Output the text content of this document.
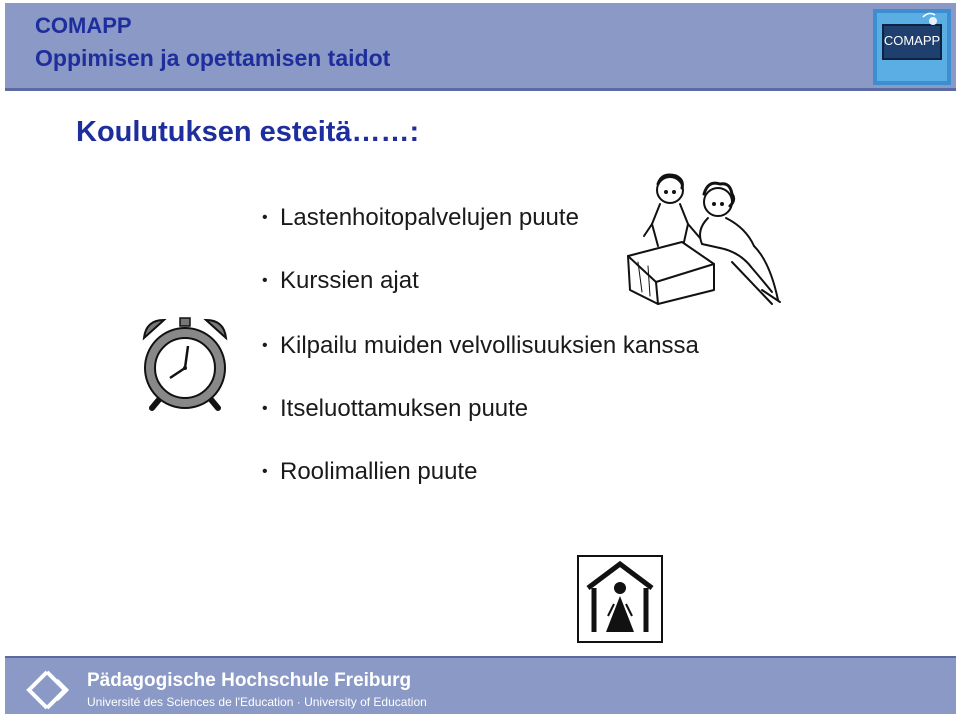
COMAPP
Oppimisen ja opettamisen taidot
COMAPP
Koulutuksen esteitä……:
• Lastenhoitopalvelujen puute
• Kurssien ajat
• Kilpailu muiden velvollisuuksien kanssa
• Itseluottamuksen puute
• Roolimallien puute
Pädagogische Hochschule Freiburg
Université des Sciences de l'Education · University of Education
